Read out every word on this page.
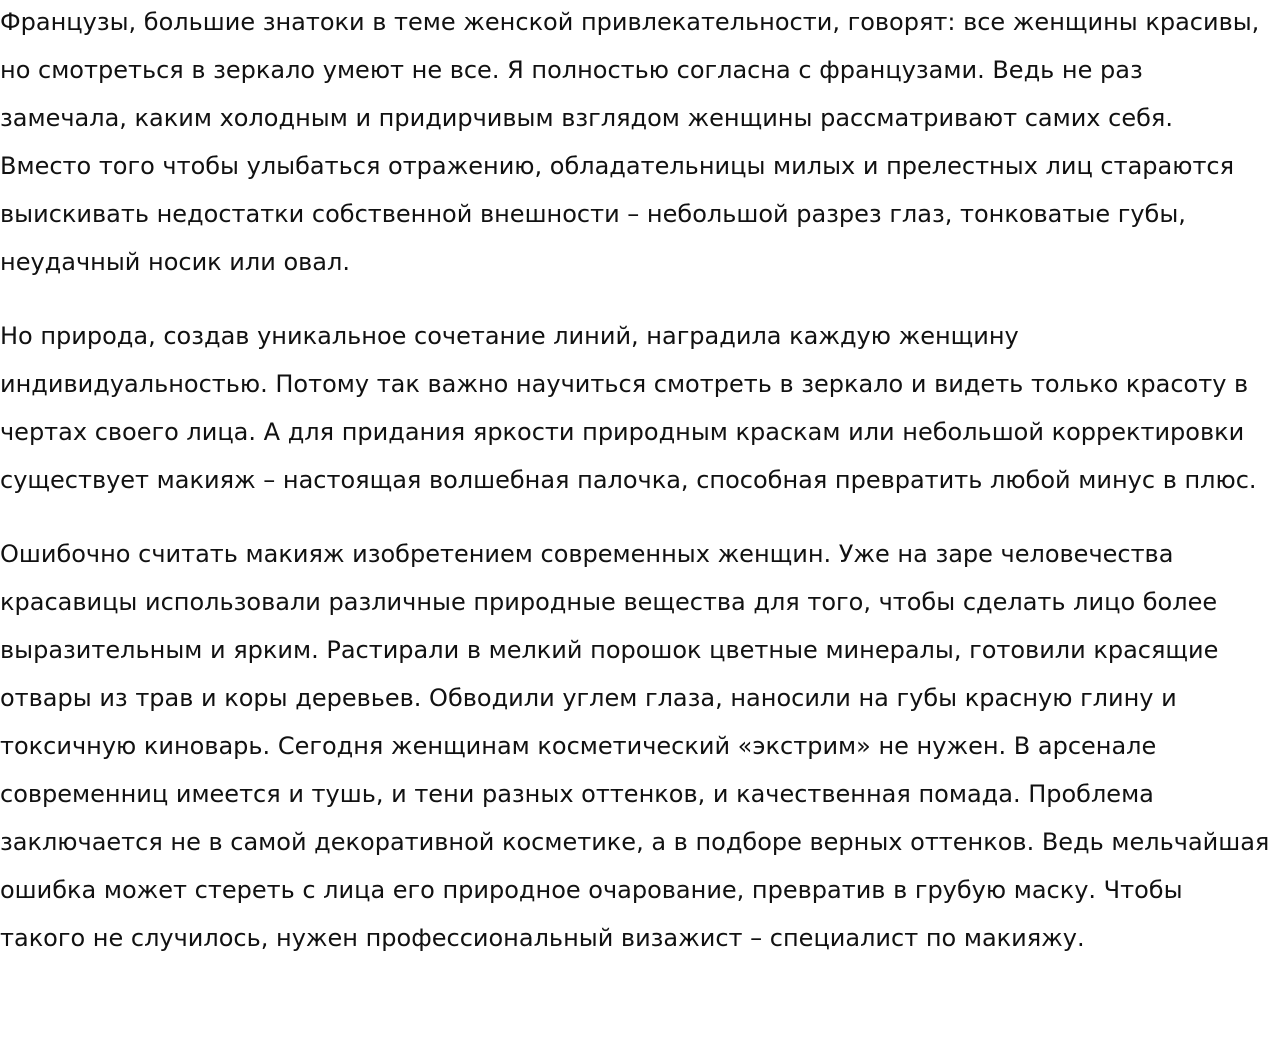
Французы, большие знатоки в теме женской привлекательности, говорят: все женщины красивы, но смотреться в зеркало умеют не все. Я полностью согласна с французами. Ведь не раз замечала, каким холодным и придирчивым взглядом женщины рассматривают самих себя. Вместо того чтобы улыбаться отражению, обладательницы милых и прелестных лиц стараются выискивать недостатки собственной внешности – небольшой разрез глаз, тонковатые губы, неудачный носик или овал.

Но природа, создав уникальное сочетание линий, наградила каждую женщину индивидуальностью. Потому так важно научиться смотреть в зеркало и видеть только красоту в чертах своего лица. А для придания яркости природным краскам или небольшой корректировки существует макияж – настоящая волшебная палочка, способная превратить любой минус в плюс.

Ошибочно считать макияж изобретением современных женщин. Уже на заре человечества красавицы использовали различные природные вещества для того, чтобы сделать лицо более выразительным и ярким. Растирали в мелкий порошок цветные минералы, готовили красящие отвары из трав и коры деревьев. Обводили углем глаза, наносили на губы красную глину и токсичную киноварь. Сегодня женщинам косметический «экстрим» не нужен. В арсенале современниц имеется и тушь, и тени разных оттенков, и качественная помада. Проблема заключается не в самой декоративной косметике, а в подборе верных оттенков. Ведь мельчайшая ошибка может стереть с лица его природное очарование, превратив в грубую маску. Чтобы такого не случилось, нужен профессиональный визажист – специалист по макияжу.
